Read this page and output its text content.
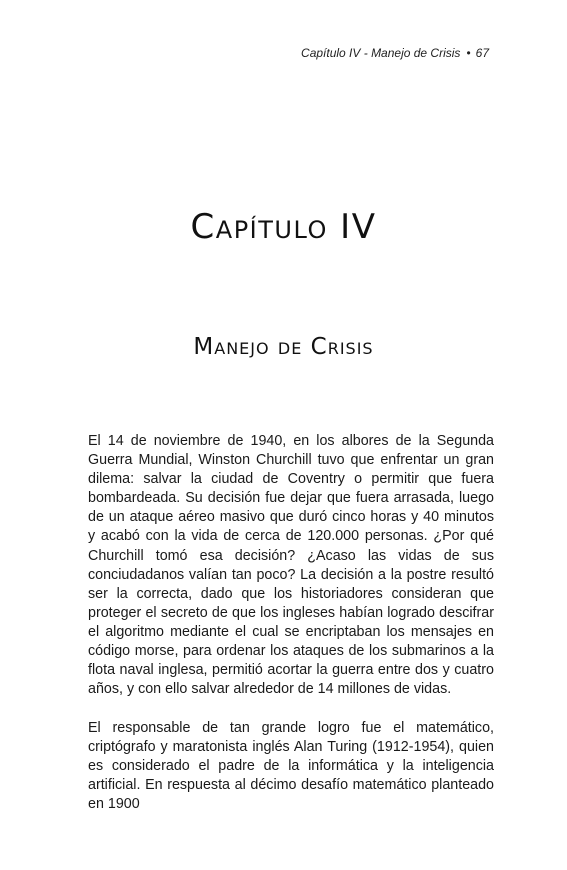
Capítulo IV - Manejo de Crisis • 67
Capítulo IV
Manejo de Crisis

El 14 de noviembre de 1940, en los albores de la Segunda Guerra Mundial, Winston Churchill tuvo que enfrentar un gran dilema: salvar la ciudad de Coventry o permitir que fuera bombardeada. Su decisión fue dejar que fuera arrasada, luego de un ataque aéreo masivo que duró cinco horas y 40 minutos y acabó con la vida de cerca de 120.000 personas. ¿Por qué Churchill tomó esa decisión? ¿Acaso las vidas de sus conciudadanos valían tan poco? La decisión a la postre resultó ser la correcta, dado que los historiadores consideran que proteger el secreto de que los ingleses habían logrado descifrar el algoritmo mediante el cual se encriptaban los mensajes en código morse, para ordenar los ataques de los submarinos a la flota naval inglesa, permitió acortar la guerra entre dos y cuatro años, y con ello salvar alrededor de 14 millones de vidas.

El responsable de tan grande logro fue el matemático, criptógrafo y maratonista inglés Alan Turing (1912-1954), quien es considerado el padre de la informática y la inteligencia artificial. En respuesta al décimo desafío matemático planteado en 1900
